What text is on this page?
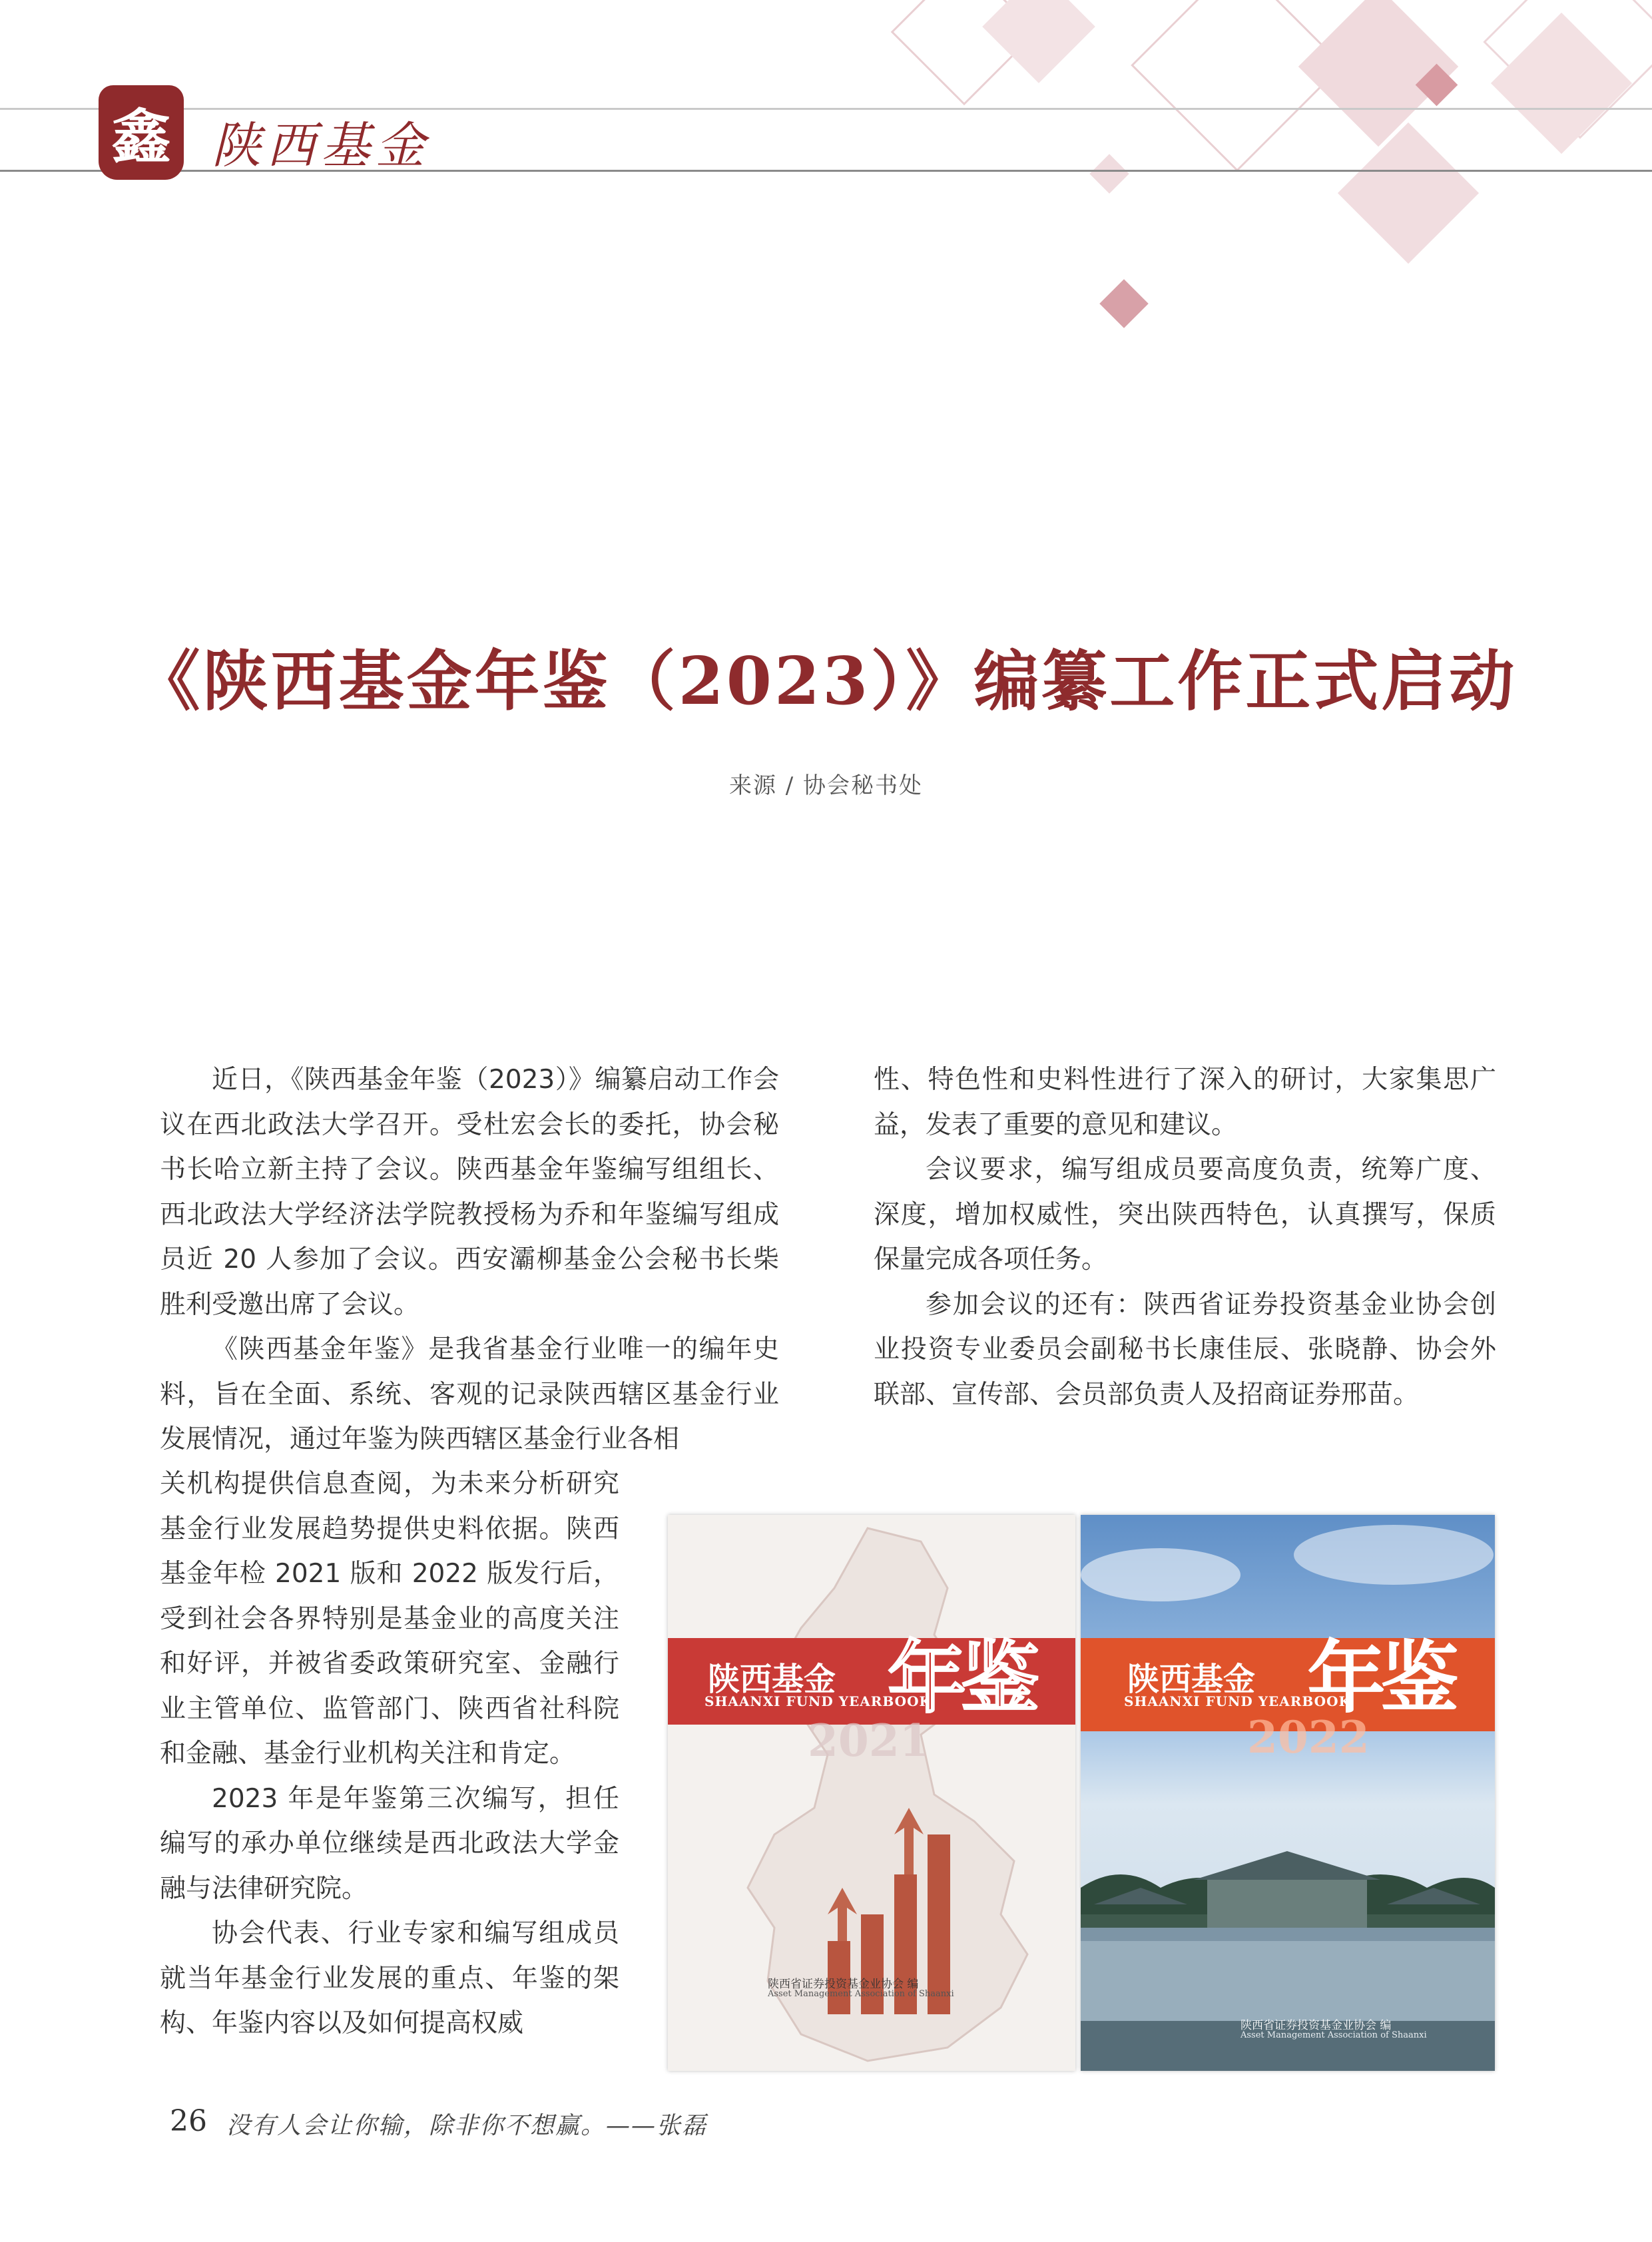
鑫 陕西基金
《陕西基金年鉴（2023）》编纂工作正式启动
来源 / 协会秘书处

近日，《陕西基金年鉴（2023）》编纂启动工作会议在西北政法大学召开。受杜宏会长的委托，协会秘书长哈立新主持了会议。陕西基金年鉴编写组组长、西北政法大学经济法学院教授杨为乔和年鉴编写组成员近 20 人参加了会议。西安灞柳基金公会秘书长柴胜利受邀出席了会议。

《陕西基金年鉴》是我省基金行业唯一的编年史料，旨在全面、系统、客观的记录陕西辖区基金行业发展情况，通过年鉴为陕西辖区基金行业各相

关机构提供信息查阅，为未来分析研究基金行业发展趋势提供史料依据。陕西基金年检 2021 版和 2022 版发行后，受到社会各界特别是基金业的高度关注和好评，并被省委政策研究室、金融行业主管单位、监管部门、陕西省社科院和金融、基金行业机构关注和肯定。

2023 年是年鉴第三次编写，担任编写的承办单位继续是西北政法大学金融与法律研究院。

协会代表、行业专家和编写组成员就当年基金行业发展的重点、年鉴的架构、年鉴内容以及如何提高权威

性、特色性和史料性进行了深入的研讨，大家集思广益，发表了重要的意见和建议。

会议要求，编写组成员要高度负责，统筹广度、深度，增加权威性，突出陕西特色，认真撰写，保质保量完成各项任务。

参加会议的还有：陕西省证券投资基金业协会创业投资专业委员会副秘书长康佳辰、张晓静、协会外联部、宣传部、会员部负责人及招商证券邢苗。

陕西基金
SHAANXI FUND YEARBOOK
年鉴
2021
陕西省证券投资基金业协会 编
Asset Management Association of Shaanxi
陕西基金
SHAANXI FUND YEARBOOK
年鉴
2022
陕西省证券投资基金业协会 编
Asset Management Association of Shaanxi
26 没有人会让你输，除非你不想赢。——张磊
